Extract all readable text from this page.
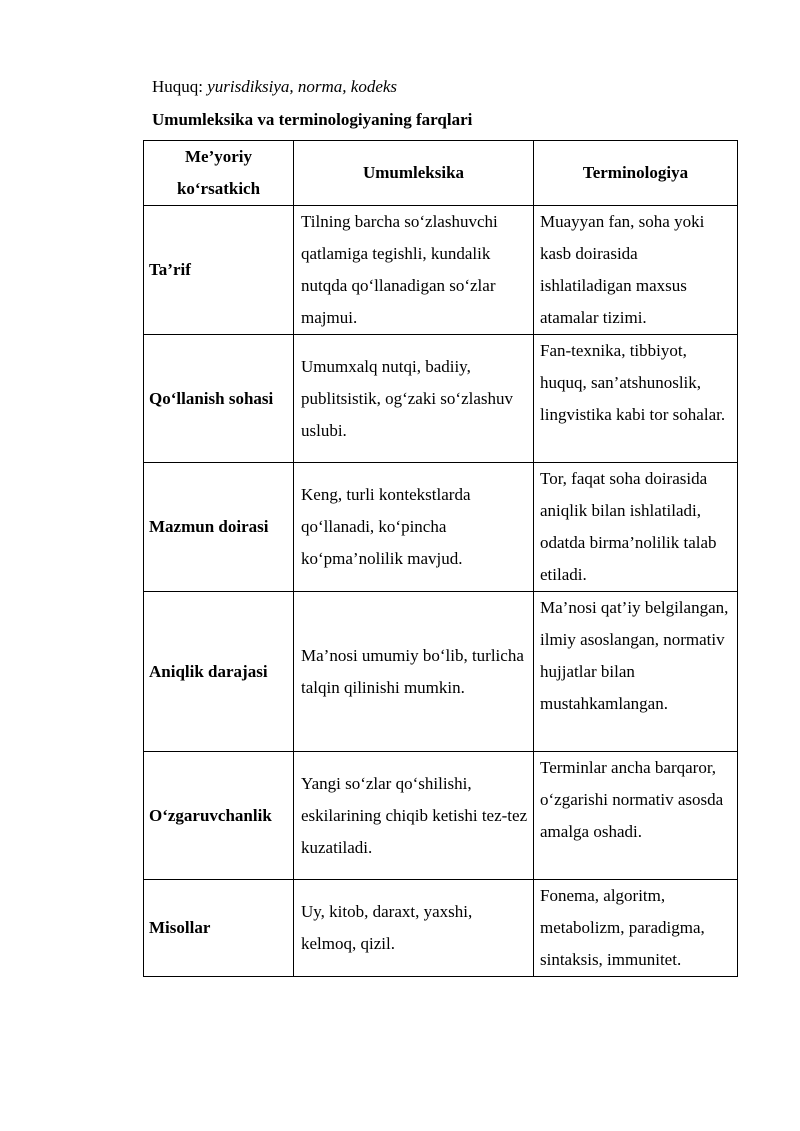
Huquq: yurisdiksiya, norma, kodeks
Umumleksika va terminologiyaning farqlari
Me’yoriy ko‘rsatkich	Umumleksika	Terminologiya
Ta’rif	Tilning barcha so‘zlashuvchi qatlamiga tegishli, kundalik nutqda qo‘llanadigan so‘zlar majmui.	Muayyan fan, soha yoki kasb doirasida ishlatiladigan maxsus atamalar tizimi.
Qo‘llanish sohasi	Umumxalq nutqi, badiiy, publitsistik, og‘zaki so‘zlashuv uslubi.	Fan-texnika, tibbiyot, huquq, san’atshunoslik, lingvistika kabi tor sohalar.
Mazmun doirasi	Keng, turli kontekstlarda qo‘llanadi, ko‘pincha ko‘pma’nolilik mavjud.	Tor, faqat soha doirasida aniqlik bilan ishlatiladi, odatda birma’nolilik talab etiladi.
Aniqlik darajasi	Ma’nosi umumiy bo‘lib, turlicha talqin qilinishi mumkin.	Ma’nosi qat’iy belgilangan, ilmiy asoslangan, normativ hujjatlar bilan mustahkamlangan.
O‘zgaruvchanlik	Yangi so‘zlar qo‘shilishi, eskilarining chiqib ketishi tez-tez kuzatiladi.	Terminlar ancha barqaror, o‘zgarishi normativ asosda amalga oshadi.
Misollar	Uy, kitob, daraxt, yaxshi, kelmoq, qizil.	Fonema, algoritm, metabolizm, paradigma, sintaksis, immunitet.
